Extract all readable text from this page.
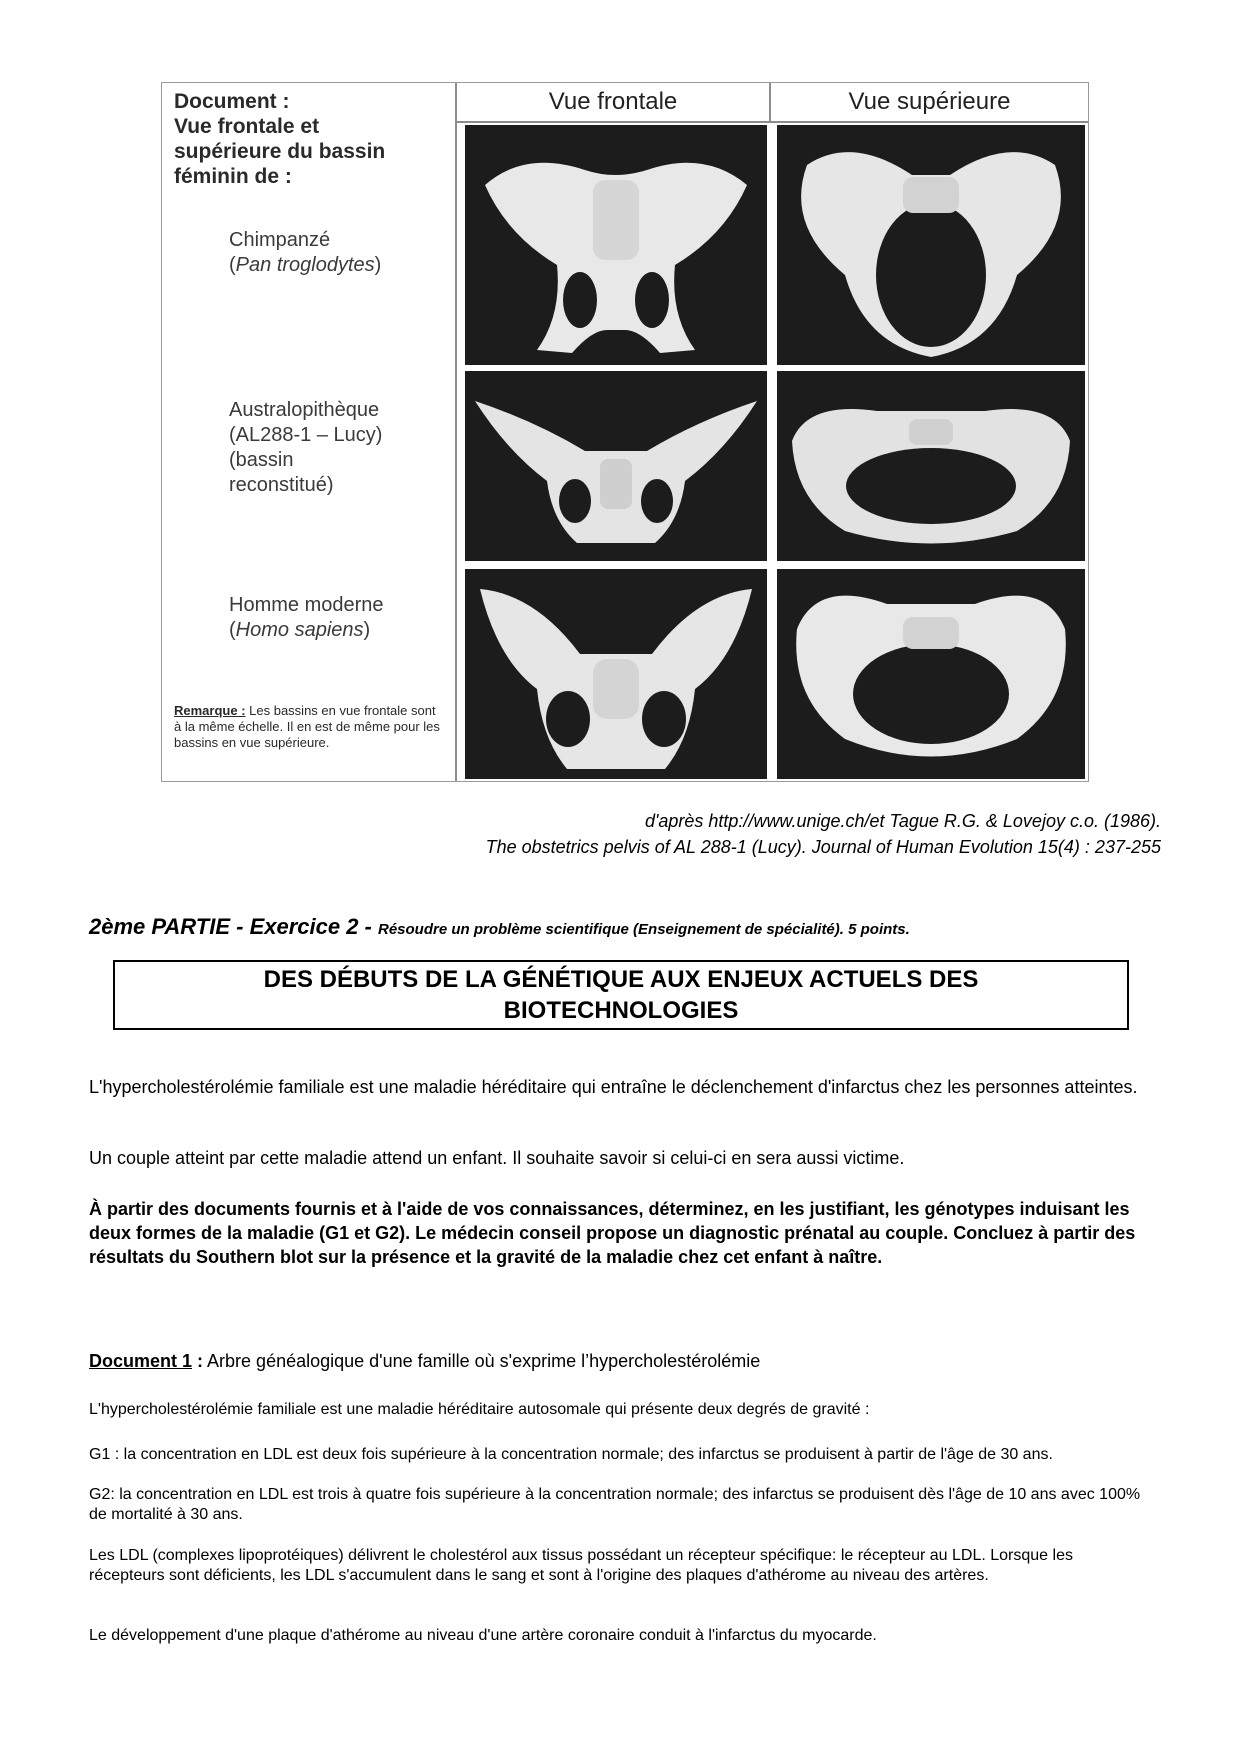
Document :
Vue frontale et
supérieure du bassin
féminin de :
Chimpanzé
(Pan troglodytes)
Australopithèque
(AL288-1 – Lucy)
(bassin
reconstitué)
Homme moderne
(Homo sapiens)
Remarque : Les bassins en vue frontale sont à la même échelle. Il en est de même pour les bassins en vue supérieure.
Vue frontale	Vue supérieure
d'après http://www.unige.ch/et Tague R.G. & Lovejoy c.o. (1986).
The obstetrics pelvis of AL 288-1 (Lucy). Journal of Human Evolution 15(4) : 237-255
2ème PARTIE - Exercice 2 - Résoudre un problème scientifique (Enseignement de spécialité). 5 points.
DES DÉBUTS DE LA GÉNÉTIQUE AUX ENJEUX ACTUELS DES
BIOTECHNOLOGIES
L'hypercholestérolémie familiale est une maladie héréditaire qui entraîne le déclenchement d'infarctus chez les personnes atteintes.
Un couple atteint par cette maladie attend un enfant. Il souhaite savoir si celui-ci en sera aussi victime.
À partir des documents fournis et à l'aide de vos connaissances, déterminez, en les justifiant, les génotypes induisant les deux formes de la maladie (G1 et G2). Le médecin conseil propose un diagnostic prénatal au couple. Concluez à partir des résultats du Southern blot sur la présence et la gravité de la maladie chez cet enfant à naître.
Document 1 : Arbre généalogique d'une famille où s'exprime l’hypercholestérolémie
L'hypercholestérolémie familiale est une maladie héréditaire autosomale qui présente deux degrés de gravité :
G1 : la concentration en LDL est deux fois supérieure à la concentration normale; des infarctus se produisent à partir de l'âge de 30 ans.
G2: la concentration en LDL est trois à quatre fois supérieure à la concentration normale; des infarctus se produisent dès l'âge de 10 ans avec 100% de mortalité à 30 ans.
Les LDL (complexes lipoprotéiques) délivrent le cholestérol aux tissus possédant un récepteur spécifique: le récepteur au LDL. Lorsque les récepteurs sont déficients, les LDL s'accumulent dans le sang et sont à l'origine des plaques d'athérome au niveau des artères.
Le développement d'une plaque d'athérome au niveau d'une artère coronaire conduit à l'infarctus du myocarde.
